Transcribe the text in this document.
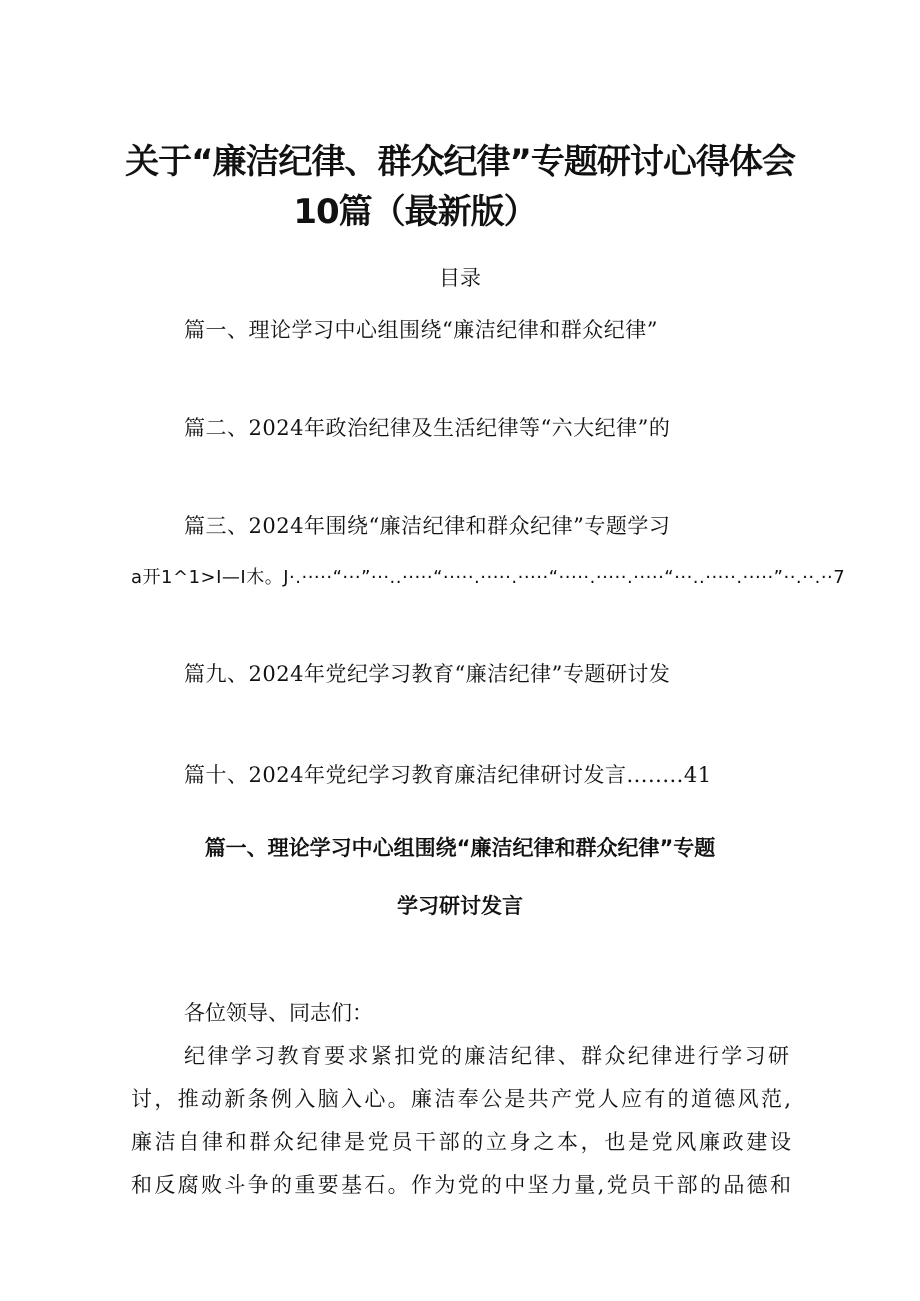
关于“廉洁纪律、群众纪律”专题研讨心得体会
10篇（最新版）
目录
篇一、理论学习中心组围绕“廉洁纪律和群众纪律”
篇二、2024年政治纪律及生活纪律等“六大纪律”的
篇三、2024年围绕“廉洁纪律和群众纪律”专题学习
a开1^1>I—I木。J·.·····“···”···..·····“·····.·····.·····“·····.·····.·····“···..·····.·····”··.··.··7
篇九、2024年党纪学习教育“廉洁纪律”专题研讨发
篇十、2024年党纪学习教育廉洁纪律研讨发言........41
篇一、理论学习中心组围绕“廉洁纪律和群众纪律”专题
学习研讨发言
各位领导、同志们：
纪律学习教育要求紧扣党的廉洁纪律、群众纪律进行学习研
讨，推动新条例入脑入心。廉洁奉公是共产党人应有的道德风范,
廉洁自律和群众纪律是党员干部的立身之本，也是党风廉政建设
和反腐败斗争的重要基石。作为党的中坚力量,党员干部的品德和
